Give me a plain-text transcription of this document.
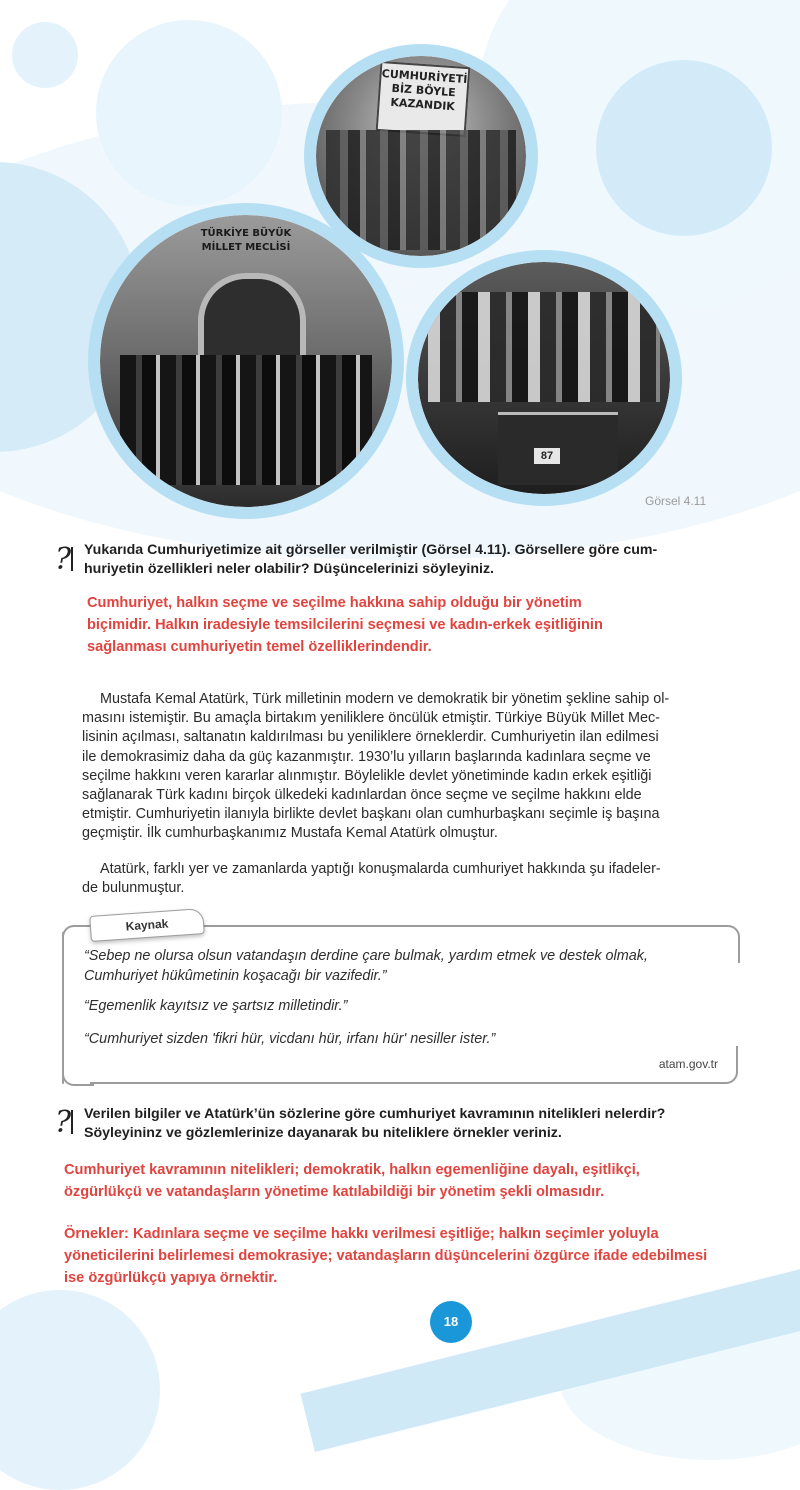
CUMHURİYETİ BİZ BÖYLE KAZANDIK
TÜRKİYE BÜYÜK MİLLET MECLİSİ
87
Görsel 4.11
? Yukarıda Cumhuriyetimize ait görseller verilmiştir (Görsel 4.11). Görsellere göre cum-
huriyetin özellikleri neler olabilir? Düşüncelerinizi söyleyiniz.
Cumhuriyet, halkın seçme ve seçilme hakkına sahip olduğu bir yönetim
biçimidir. Halkın iradesiyle temsilcilerini seçmesi ve kadın-erkek eşitliğinin
sağlanması cumhuriyetin temel özelliklerindendir.
Mustafa Kemal Atatürk, Türk milletinin modern ve demokratik bir yönetim şekline sahip ol-
masını istemiştir. Bu amaçla birtakım yeniliklere öncülük etmiştir. Türkiye Büyük Millet Mec-
lisinin açılması, saltanatın kaldırılması bu yeniliklere örneklerdir. Cumhuriyetin ilan edilmesi
ile demokrasimiz daha da güç kazanmıştır. 1930’lu yılların başlarında kadınlara seçme ve
seçilme hakkını veren kararlar alınmıştır. Böylelikle devlet yönetiminde kadın erkek eşitliği
sağlanarak Türk kadını birçok ülkedeki kadınlardan önce seçme ve seçilme hakkını elde
etmiştir. Cumhuriyetin ilanıyla birlikte devlet başkanı olan cumhurbaşkanı seçimle iş başına
geçmiştir. İlk cumhurbaşkanımız Mustafa Kemal Atatürk olmuştur.
Atatürk, farklı yer ve zamanlarda yaptığı konuşmalarda cumhuriyet hakkında şu ifadeler-
de bulunmuştur.
Kaynak
“Sebep ne olursa olsun vatandaşın derdine çare bulmak, yardım etmek ve destek olmak,
Cumhuriyet hükûmetinin koşacağı bir vazifedir.”
“Egemenlik kayıtsız ve şartsız milletindir.”
“Cumhuriyet sizden 'fikri hür, vicdanı hür, irfanı hür' nesiller ister.”
atam.gov.tr
? Verilen bilgiler ve Atatürk’ün sözlerine göre cumhuriyet kavramının nitelikleri nelerdir?
Söyleyininz ve gözlemlerinize dayanarak bu niteliklere örnekler veriniz.
Cumhuriyet kavramının nitelikleri; demokratik, halkın egemenliğine dayalı, eşitlikçi,
özgürlükçü ve vatandaşların yönetime katılabildiği bir yönetim şekli olmasıdır.
Örnekler: Kadınlara seçme ve seçilme hakkı verilmesi eşitliğe; halkın seçimler yoluyla
yöneticilerini belirlemesi demokrasiye; vatandaşların düşüncelerini özgürce ifade edebilmesi
ise özgürlükçü yapıya örnektir.
18
